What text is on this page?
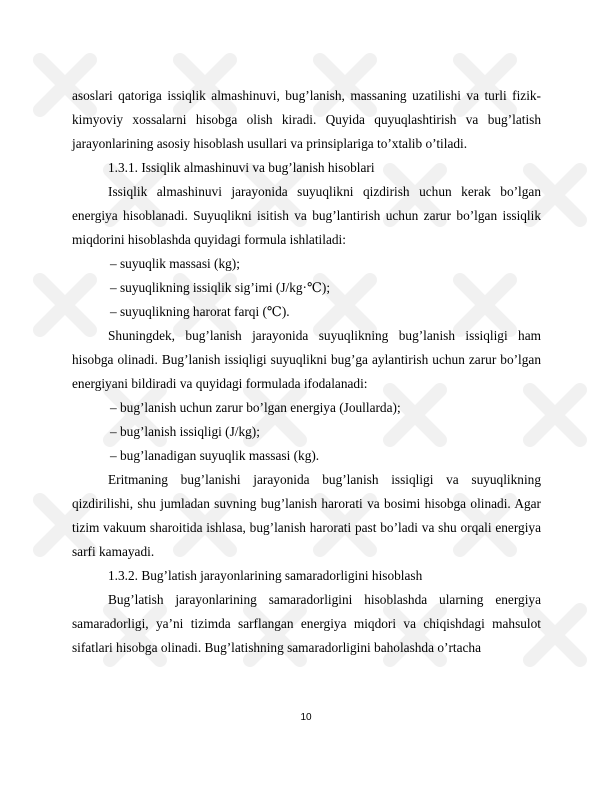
asoslari qatoriga issiqlik almashinuvi, bug’lanish, massaning uzatilishi va turli fizik-kimyoviy xossalarni hisobga olish kiradi. Quyida quyuqlashtirish va bug’latish jarayonlarining asosiy hisoblash usullari va prinsiplariga to’xtalib o’tiladi.

1.3.1. Issiqlik almashinuvi va bug’lanish hisoblari

Issiqlik almashinuvi jarayonida suyuqlikni qizdirish uchun kerak bo’lgan energiya hisoblanadi. Suyuqlikni isitish va bug’lantirish uchun zarur bo’lgan issiqlik miqdorini hisoblashda quyidagi formula ishlatiladi:

– suyuqlik massasi (kg);

– suyuqlikning issiqlik sig’imi (J/kg·℃);

– suyuqlikning harorat farqi (℃).

Shuningdek, bug’lanish jarayonida suyuqlikning bug’lanish issiqligi ham hisobga olinadi. Bug’lanish issiqligi suyuqlikni bug’ga aylantirish uchun zarur bo’lgan energiyani bildiradi va quyidagi formulada ifodalanadi:

– bug’lanish uchun zarur bo’lgan energiya (Joullarda);

– bug’lanish issiqligi (J/kg);

– bug’lanadigan suyuqlik massasi (kg).

Eritmaning bug’lanishi jarayonida bug’lanish issiqligi va suyuqlikning qizdirilishi, shu jumladan suvning bug’lanish harorati va bosimi hisobga olinadi. Agar tizim vakuum sharoitida ishlasa, bug’lanish harorati past bo’ladi va shu orqali energiya sarfi kamayadi.

1.3.2. Bug’latish jarayonlarining samaradorligini hisoblash

Bug’latish jarayonlarining samaradorligini hisoblashda ularning energiya samaradorligi, ya’ni tizimda sarflangan energiya miqdori va chiqishdagi mahsulot sifatlari hisobga olinadi. Bug’latishning samaradorligini baholashda o’rtacha

10
